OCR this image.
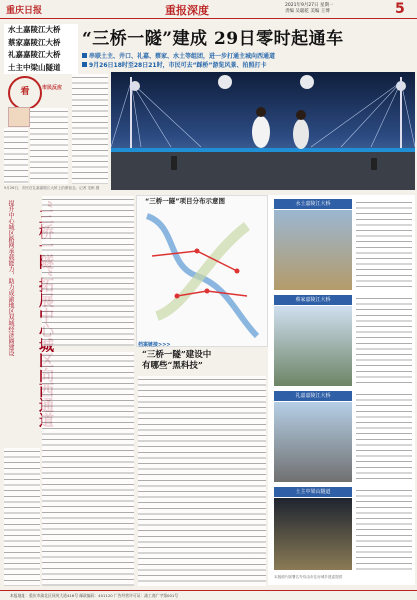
重庆日报	重报深度	2021年9月27日 星期一
责编 吴聪乾 美编 王博	5
水土嘉陵江大桥
蔡家嘉陵江大桥
礼嘉嘉陵江大桥
土主中梁山隧道
“三桥一隧”建成 29日零时起通车
串联土主、井口、礼嘉、蔡家、水土等组团，进一步打通主城向西通道
9月26日18时至28日21时，市民可去“踩桥”游览风景、拍照打卡
看	市民反应
9月26日，市民在礼嘉嘉陵江大桥上拍照留念。记者 龙帆 摄
提升中心城区路网承载能力，助力成渝地区双城经济圈建设	“三桥一隧”项目分布示意图
档案链接>>>
“三桥一隧”建设中
有哪些“黑科技”
水土嘉陵江大桥
蔡家嘉陵江大桥
礼嘉嘉陵江大桥
土主中梁山隧道
本版照片除署名外均由市住房城乡建委提供
本报地址：重庆市渝北区同茂大道416号 邮政编码：401120 广告经营许可证：渝工商广字第001号
